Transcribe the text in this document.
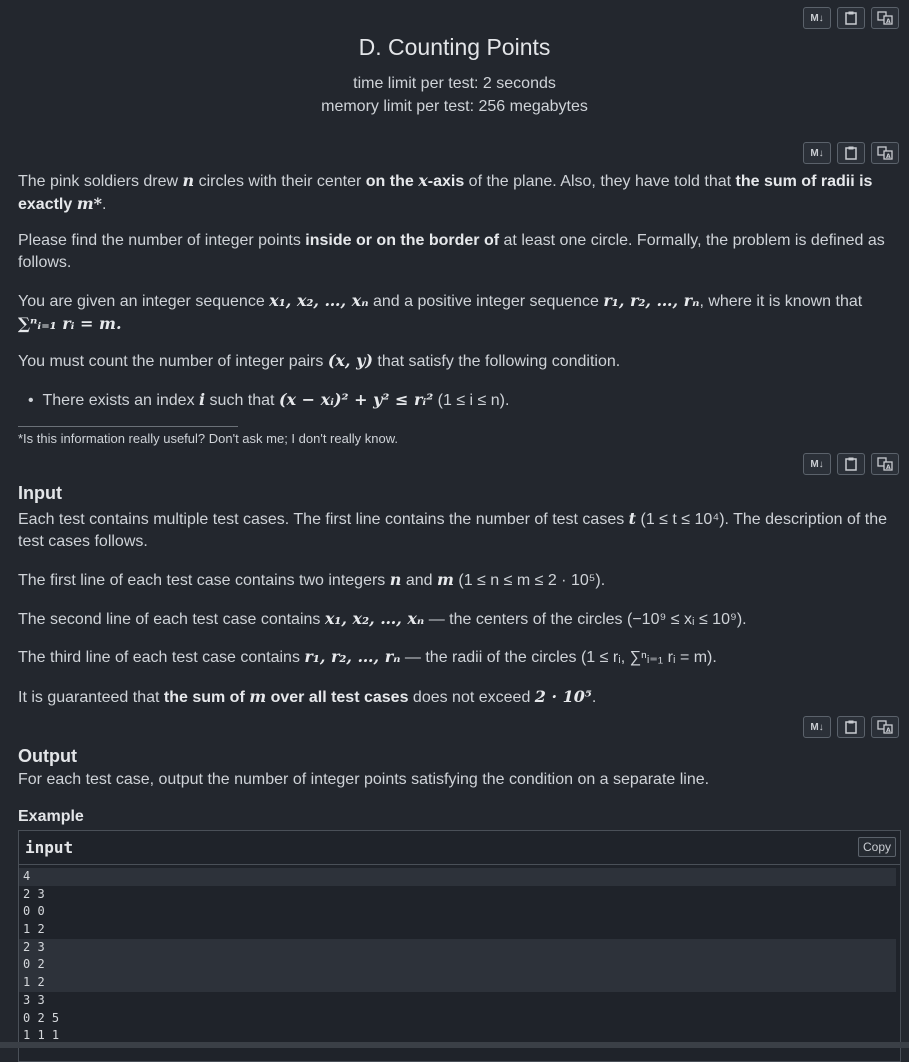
M↓	A
D. Counting Points
time limit per test: 2 seconds
memory limit per test: 256 megabytes
M↓	A
The pink soldiers drew n circles with their center on the x-axis of the plane. Also, they have told that the sum of radii is exactly m*.
Please find the number of integer points inside or on the border of at least one circle. Formally, the problem is defined as follows.
You are given an integer sequence x₁, x₂, …, xₙ and a positive integer sequence r₁, r₂, …, rₙ, where it is known that
∑ⁿᵢ₌₁ rᵢ = m.
You must count the number of integer pairs (x, y) that satisfy the following condition.
• There exists an index i such that (x − xᵢ)² + y² ≤ rᵢ² (1 ≤ i ≤ n).
*Is this information really useful? Don't ask me; I don't really know.
M↓	A
Input
Each test contains multiple test cases. The first line contains the number of test cases t (1 ≤ t ≤ 10⁴). The description of the test cases follows.
The first line of each test case contains two integers n and m (1 ≤ n ≤ m ≤ 2 · 10⁵).
The second line of each test case contains x₁, x₂, …, xₙ — the centers of the circles (−10⁹ ≤ xᵢ ≤ 10⁹).
The third line of each test case contains r₁, r₂, …, rₙ — the radii of the circles (1 ≤ rᵢ, ∑ⁿᵢ₌₁ rᵢ = m).
It is guaranteed that the sum of m over all test cases does not exceed 2 · 10⁵.
M↓	A
Output
For each test case, output the number of integer points satisfying the condition on a separate line.
Example
input	Copy
4
2 3
0 0
1 2
2 3
0 2
1 2
3 3
0 2 5
1 1 1
